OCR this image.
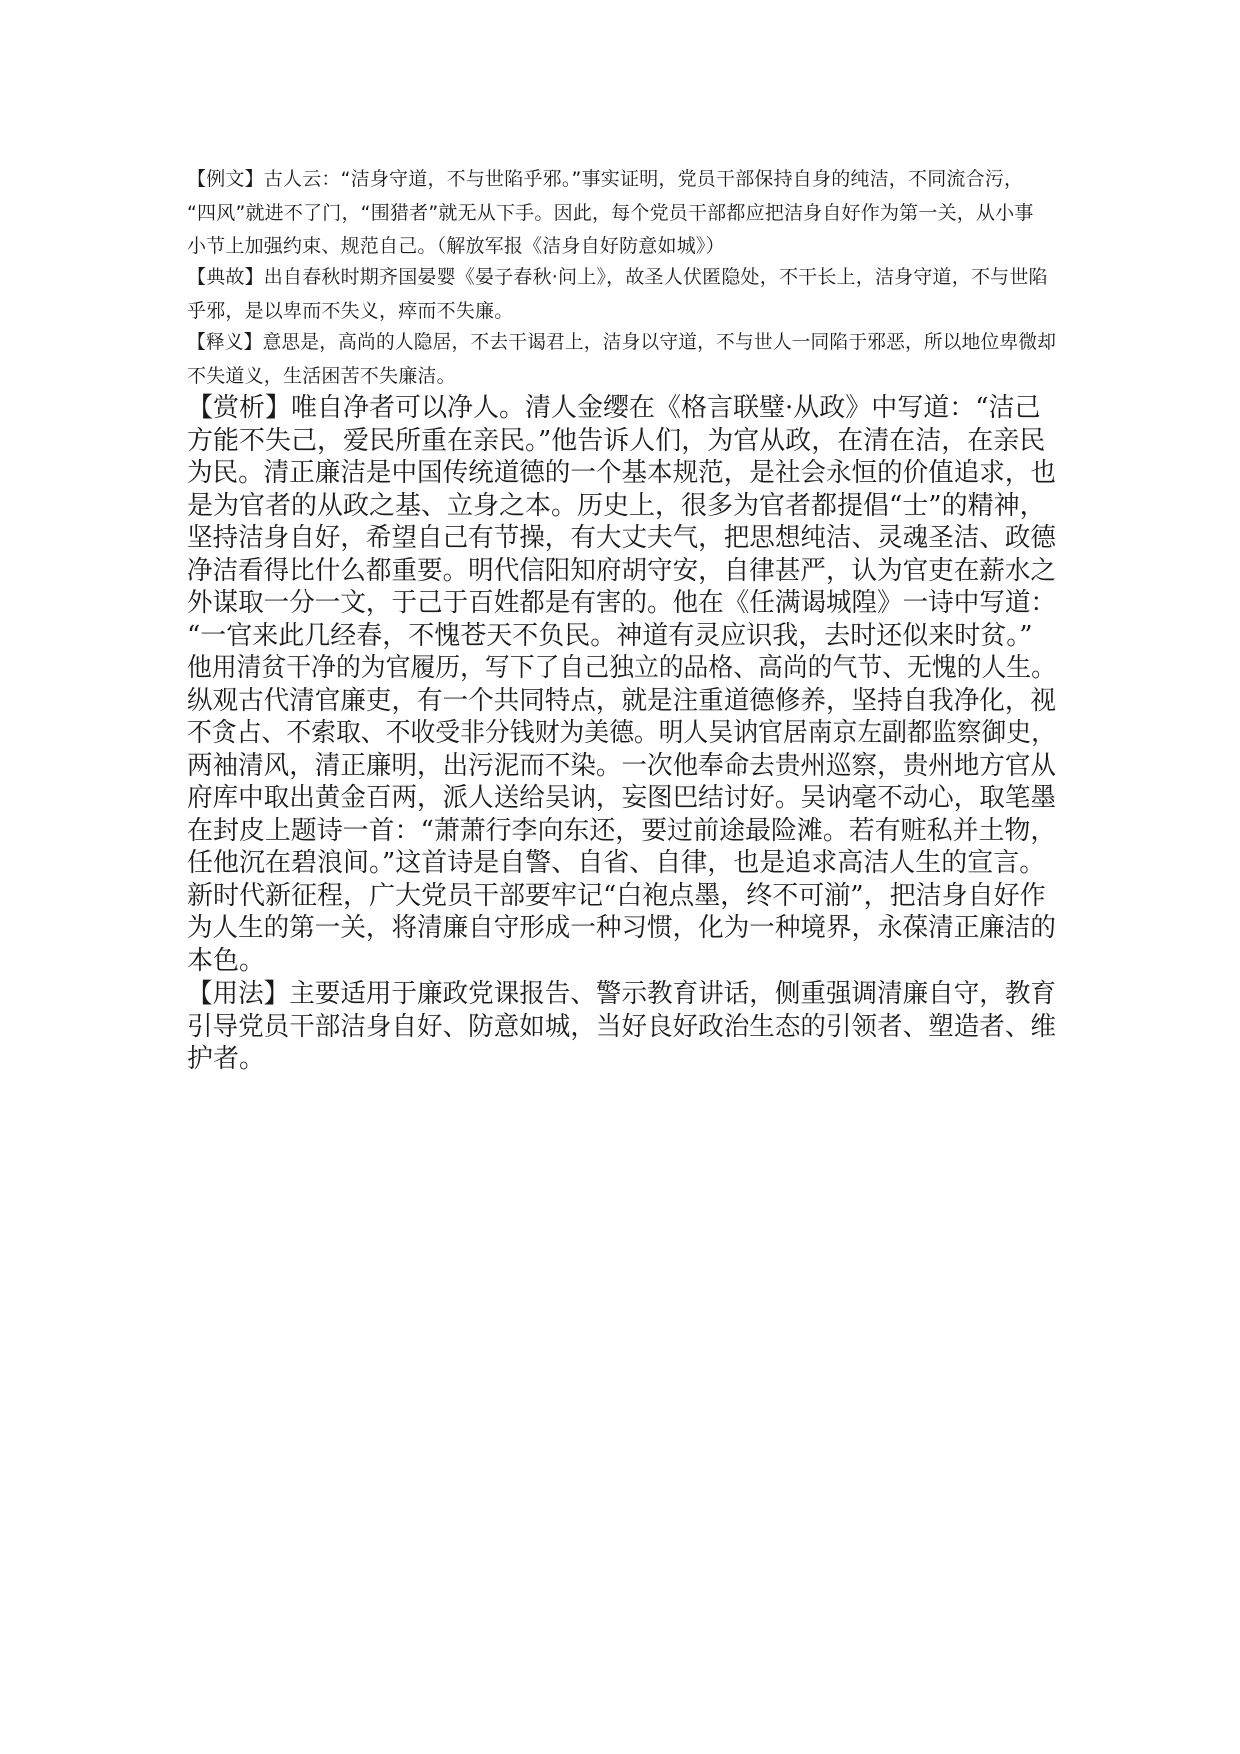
【例文】古人云：“洁身守道，不与世陷乎邪。”事实证明，党员干部保持自身的纯洁，不同流合污，
“四风”就进不了门，“围猎者”就无从下手。因此，每个党员干部都应把洁身自好作为第一关，从小事
小节上加强约束、规范自己。（解放军报《洁身自好防意如城》）
【典故】出自春秋时期齐国晏婴《晏子春秋·问上》，故圣人伏匿隐处，不干长上，洁身守道，不与世陷
乎邪，是以卑而不失义，瘁而不失廉。
【释义】意思是，高尚的人隐居，不去干谒君上，洁身以守道，不与世人一同陷于邪恶，所以地位卑微却
不失道义，生活困苦不失廉洁。
【赏析】唯自净者可以净人。清人金缨在《格言联璧·从政》中写道：“洁己
方能不失己，爱民所重在亲民。”他告诉人们，为官从政，在清在洁，在亲民
为民。清正廉洁是中国传统道德的一个基本规范，是社会永恒的价值追求，也
是为官者的从政之基、立身之本。历史上，很多为官者都提倡“士”的精神，
坚持洁身自好，希望自己有节操，有大丈夫气，把思想纯洁、灵魂圣洁、政德
净洁看得比什么都重要。明代信阳知府胡守安，自律甚严，认为官吏在薪水之
外谋取一分一文，于己于百姓都是有害的。他在《任满谒城隍》一诗中写道：
“一官来此几经春，不愧苍天不负民。神道有灵应识我，去时还似来时贫。”
他用清贫干净的为官履历，写下了自己独立的品格、高尚的气节、无愧的人生。
纵观古代清官廉吏，有一个共同特点，就是注重道德修养，坚持自我净化，视
不贪占、不索取、不收受非分钱财为美德。明人吴讷官居南京左副都监察御史，
两袖清风，清正廉明，出污泥而不染。一次他奉命去贵州巡察，贵州地方官从
府库中取出黄金百两，派人送给吴讷，妄图巴结讨好。吴讷毫不动心，取笔墨
在封皮上题诗一首：“萧萧行李向东还，要过前途最险滩。若有赃私并土物，
任他沉在碧浪间。”这首诗是自警、自省、自律，也是追求高洁人生的宣言。
新时代新征程，广大党员干部要牢记“白袍点墨，终不可湔”，把洁身自好作
为人生的第一关，将清廉自守形成一种习惯，化为一种境界，永葆清正廉洁的
本色。
【用法】主要适用于廉政党课报告、警示教育讲话，侧重强调清廉自守，教育
引导党员干部洁身自好、防意如城，当好良好政治生态的引领者、塑造者、维
护者。
